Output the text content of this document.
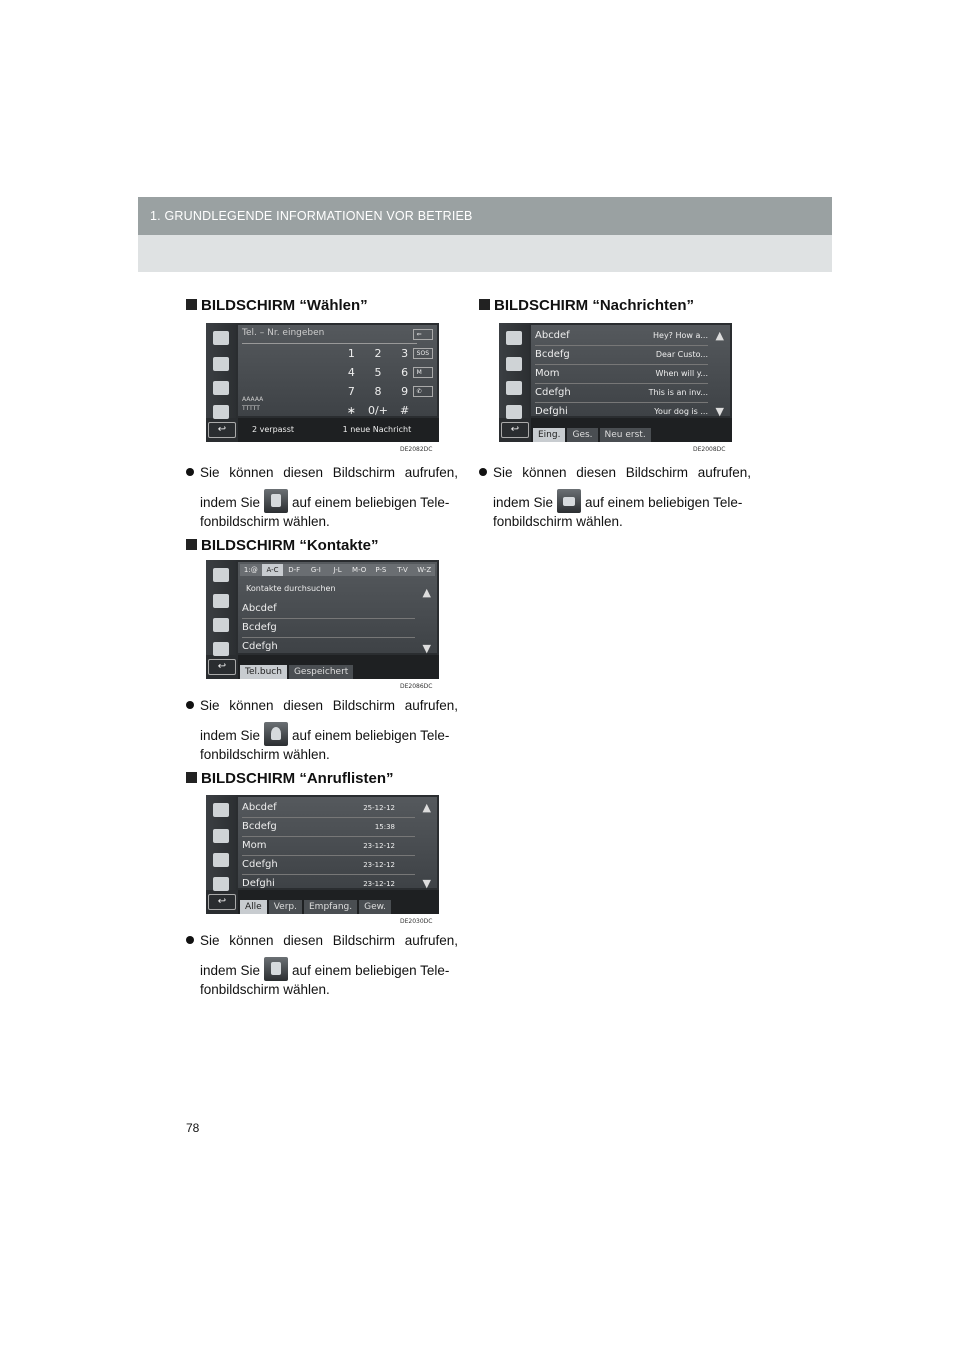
1. GRUNDLEGENDE INFORMATIONEN VOR BETRIEB
BILDSCHIRM “Wählen”
Tel. – Nr. eingeben
1	2	3
4	5	6
7	8	9
∗	0/+	#
⇐
SOS
M
✆
AAAAA
TTTTT
↩	2 verpasst	1 neue Nachricht
DE2082DC
Sie können diesen Bildschirm aufrufen,
indem Sie auf einem beliebigen Tele-
fonbildschirm wählen.
BILDSCHIRM “Kontakte”
1:@	A-C	D-F	G-I	J-L	M-O	P-S	T-V	W-Z
Kontakte durchsuchen
Abcdef
Bcdefg
Cdefgh
▲
▼
↩	Tel.buch Gespeichert
DE2086DC
Sie können diesen Bildschirm aufrufen,
indem Sie auf einem beliebigen Tele-
fonbildschirm wählen.
BILDSCHIRM “Anruflisten”
Abcdef	25-12-12
Bcdefg	15:38
Mom	23-12-12
Cdefgh	23-12-12
Defghi	23-12-12
▲
▼
↩	Alle Verp. Empfang. Gew.
DE2030DC
Sie können diesen Bildschirm aufrufen,
indem Sie auf einem beliebigen Tele-
fonbildschirm wählen.
BILDSCHIRM “Nachrichten”
Abcdef	Hey? How a...
Bcdefg	Dear Custo...
Mom	When will y...
Cdefgh	This is an inv...
Defghi	Your dog is ...
▲
▼
↩	Eing. Ges. Neu erst.
DE2008DC
Sie können diesen Bildschirm aufrufen,
indem Sie auf einem beliebigen Tele-
fonbildschirm wählen.
78
